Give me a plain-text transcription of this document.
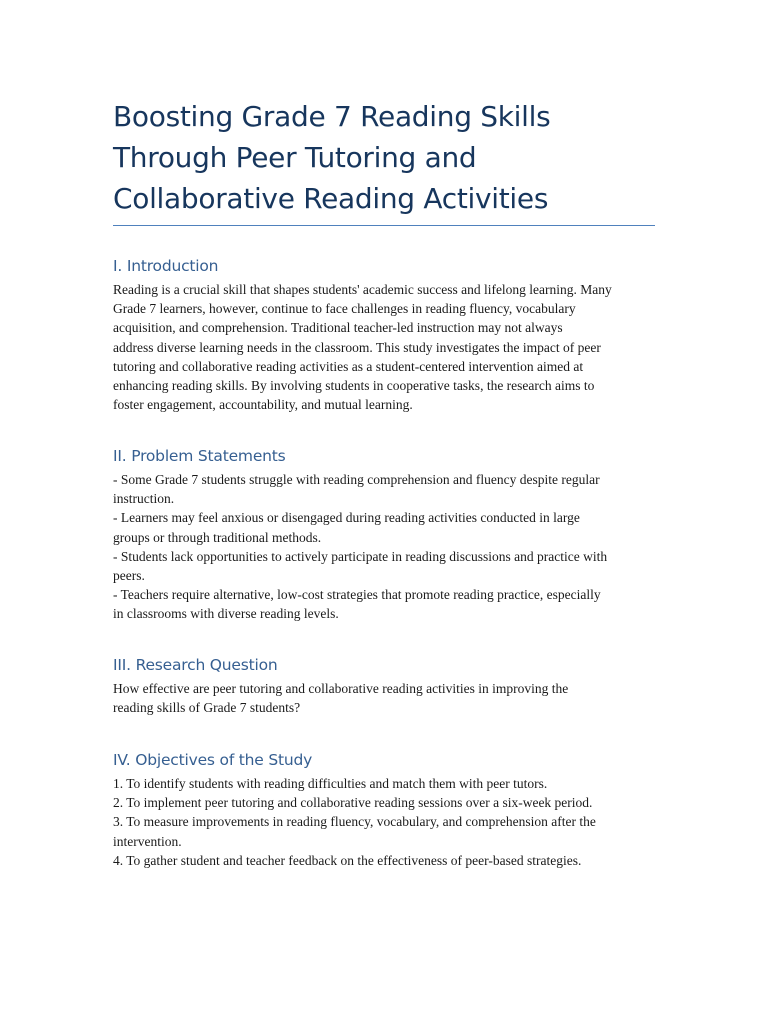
Boosting Grade 7 Reading Skills
Through Peer Tutoring and
Collaborative Reading Activities
I. Introduction

Reading is a crucial skill that shapes students' academic success and lifelong learning. Many
Grade 7 learners, however, continue to face challenges in reading fluency, vocabulary
acquisition, and comprehension. Traditional teacher-led instruction may not always
address diverse learning needs in the classroom. This study investigates the impact of peer
tutoring and collaborative reading activities as a student-centered intervention aimed at
enhancing reading skills. By involving students in cooperative tasks, the research aims to
foster engagement, accountability, and mutual learning.

II. Problem Statements

- Some Grade 7 students struggle with reading comprehension and fluency despite regular
instruction.
- Learners may feel anxious or disengaged during reading activities conducted in large
groups or through traditional methods.
- Students lack opportunities to actively participate in reading discussions and practice with
peers.
- Teachers require alternative, low-cost strategies that promote reading practice, especially
in classrooms with diverse reading levels.

III. Research Question

How effective are peer tutoring and collaborative reading activities in improving the
reading skills of Grade 7 students?

IV. Objectives of the Study

1. To identify students with reading difficulties and match them with peer tutors.
2. To implement peer tutoring and collaborative reading sessions over a six-week period.
3. To measure improvements in reading fluency, vocabulary, and comprehension after the
intervention.
4. To gather student and teacher feedback on the effectiveness of peer-based strategies.
